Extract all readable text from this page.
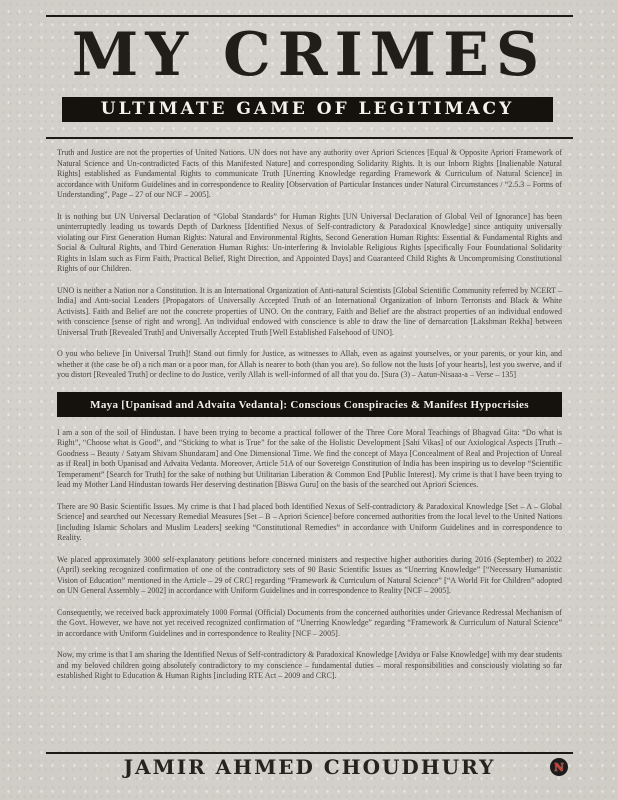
MY CRIMES
ULTIMATE GAME OF LEGITIMACY

Truth and Justice are not the properties of United Nations. UN does not have any authority over Apriori Sciences [Equal & Opposite Apriori Framework of Natural Science and Un-contradicted Facts of this Manifested Nature] and corresponding Solidarity Rights. It is our Inborn Rights [Inalienable Natural Rights] established as Fundamental Rights to communicate Truth [Unerring Knowledge regarding Framework & Curriculum of Natural Science] in accordance with Uniform Guidelines and in correspondence to Reality [Observation of Particular Instances under Natural Circumstances / “2.5.3 – Forms of Understanding”, Page – 27 of our NCF – 2005].

It is nothing but UN Universal Declaration of “Global Standards” for Human Rights [UN Universal Declaration of Global Veil of Ignorance] has been uninterruptedly leading us towards Depth of Darkness [Identified Nexus of Self-contradictory & Paradoxical Knowledge] since antiquity universally violating our First Generation Human Rights: Natural and Environmental Rights, Second Generation Human Rights: Essential & Fundamental Rights and Social & Cultural Rights, and Third Generation Human Rights: Un-interfering & Inviolable Religious Rights [specifically Four Foundational Solidarity Rights in Islam such as Firm Faith, Practical Belief, Right Direction, and Appointed Days] and Guaranteed Child Rights & Uncompromising Constitutional Rights of our Children.

UNO is neither a Nation nor a Constitution. It is an International Organization of Anti-natural Scientists [Global Scientific Community referred by NCERT – India] and Anti-social Leaders [Propagators of Universally Accepted Truth of an International Organization of Inborn Terrorists and Black & White Activists]. Faith and Belief are not the concrete properties of UNO. On the contrary, Faith and Belief are the abstract properties of an individual endowed with conscience [sense of right and wrong]. An individual endowed with conscience is able to draw the line of demarcation [Lakshman Rekha] between Universal Truth [Revealed Truth] and Universally Accepted Truth [Well Established Falsehood of UNO].

O you who believe [in Universal Truth]! Stand out firmly for Justice, as witnesses to Allah, even as against yourselves, or your parents, or your kin, and whether it (the case be of) a rich man or a poor man, for Allah is nearer to both (than you are). So follow not the lusts [of your hearts], lest you swerve, and if you distort [Revealed Truth] or decline to do Justice, verily Allah is well-informed of all that you do. [Sura (3) – Aatun-Nisaaa-a – Verse – 135]

Maya [Upanisad and Advaita Vedanta]: Conscious Conspiracies & Manifest Hypocrisies

I am a son of the soil of Hindustan. I have been trying to become a practical follower of the Three Core Moral Teachings of Bhagvad Gita: “Do what is Right”, “Choose what is Good”, and “Sticking to what is True” for the sake of the Holistic Development [Sahi Vikas] of our Axiological Aspects [Truth – Goodness – Beauty / Satyam Shivam Shundaram] and One Dimensional Time. We find the concept of Maya [Concealment of Real and Projection of Unreal as if Real] in both Upanisad and Advaita Vedanta. Moreover, Article 51A of our Sovereign Constitution of India has been inspiring us to develop “Scientific Temperament” [Search for Truth] for the sake of nothing but Utilitarian Liberation & Common End [Public Interest]. My crime is that I have been trying to lead my Mother Land Hindustan towards Her deserving destination [Biswa Guru] on the basis of the searched out Apriori Sciences.

There are 90 Basic Scientific Issues. My crime is that I had placed both Identified Nexus of Self-contradictory & Paradoxical Knowledge [Set – A – Global Science] and searched out Necessary Remedial Measures [Set – B – Apriori Science] before concerned authorities from the local level to the United Nations [including Islamic Scholars and Muslim Leaders] seeking “Constitutional Remedies” in accordance with Uniform Guidelines and in correspondence to Reality.

We placed approximately 3000 self-explanatory petitions before concerned ministers and respective higher authorities during 2016 (September) to 2022 (April) seeking recognized confirmation of one of the contradictory sets of 90 Basic Scientific Issues as “Unerring Knowledge” [“Necessary Humanistic Vision of Education” mentioned in the Article – 29 of CRC] regarding “Framework & Curriculum of Natural Science” [“A World Fit for Children” adopted on UN General Assembly – 2002] in accordance with Uniform Guidelines and in correspondence to Reality [NCF – 2005].

Consequently, we received back approximately 1000 Formal (Official) Documents from the concerned authorities under Grievance Redressal Mechanism of the Govt. However, we have not yet received recognized confirmation of “Unerring Knowledge” regarding “Framework & Curriculum of Natural Science” in accordance with Uniform Guidelines and in correspondence to Reality [NCF – 2005].

Now, my crime is that I am sharing the Identified Nexus of Self-contradictory & Paradoxical Knowledge [Avidya or False Knowledge] with my dear students and my beloved children going absolutely contradictory to my conscience – fundamental duties – moral responsibilities and consciously violating so far established Right to Education & Human Rights [including RTE Act – 2009 and CRC].

JAMIR AHMED CHOUDHURY	N
